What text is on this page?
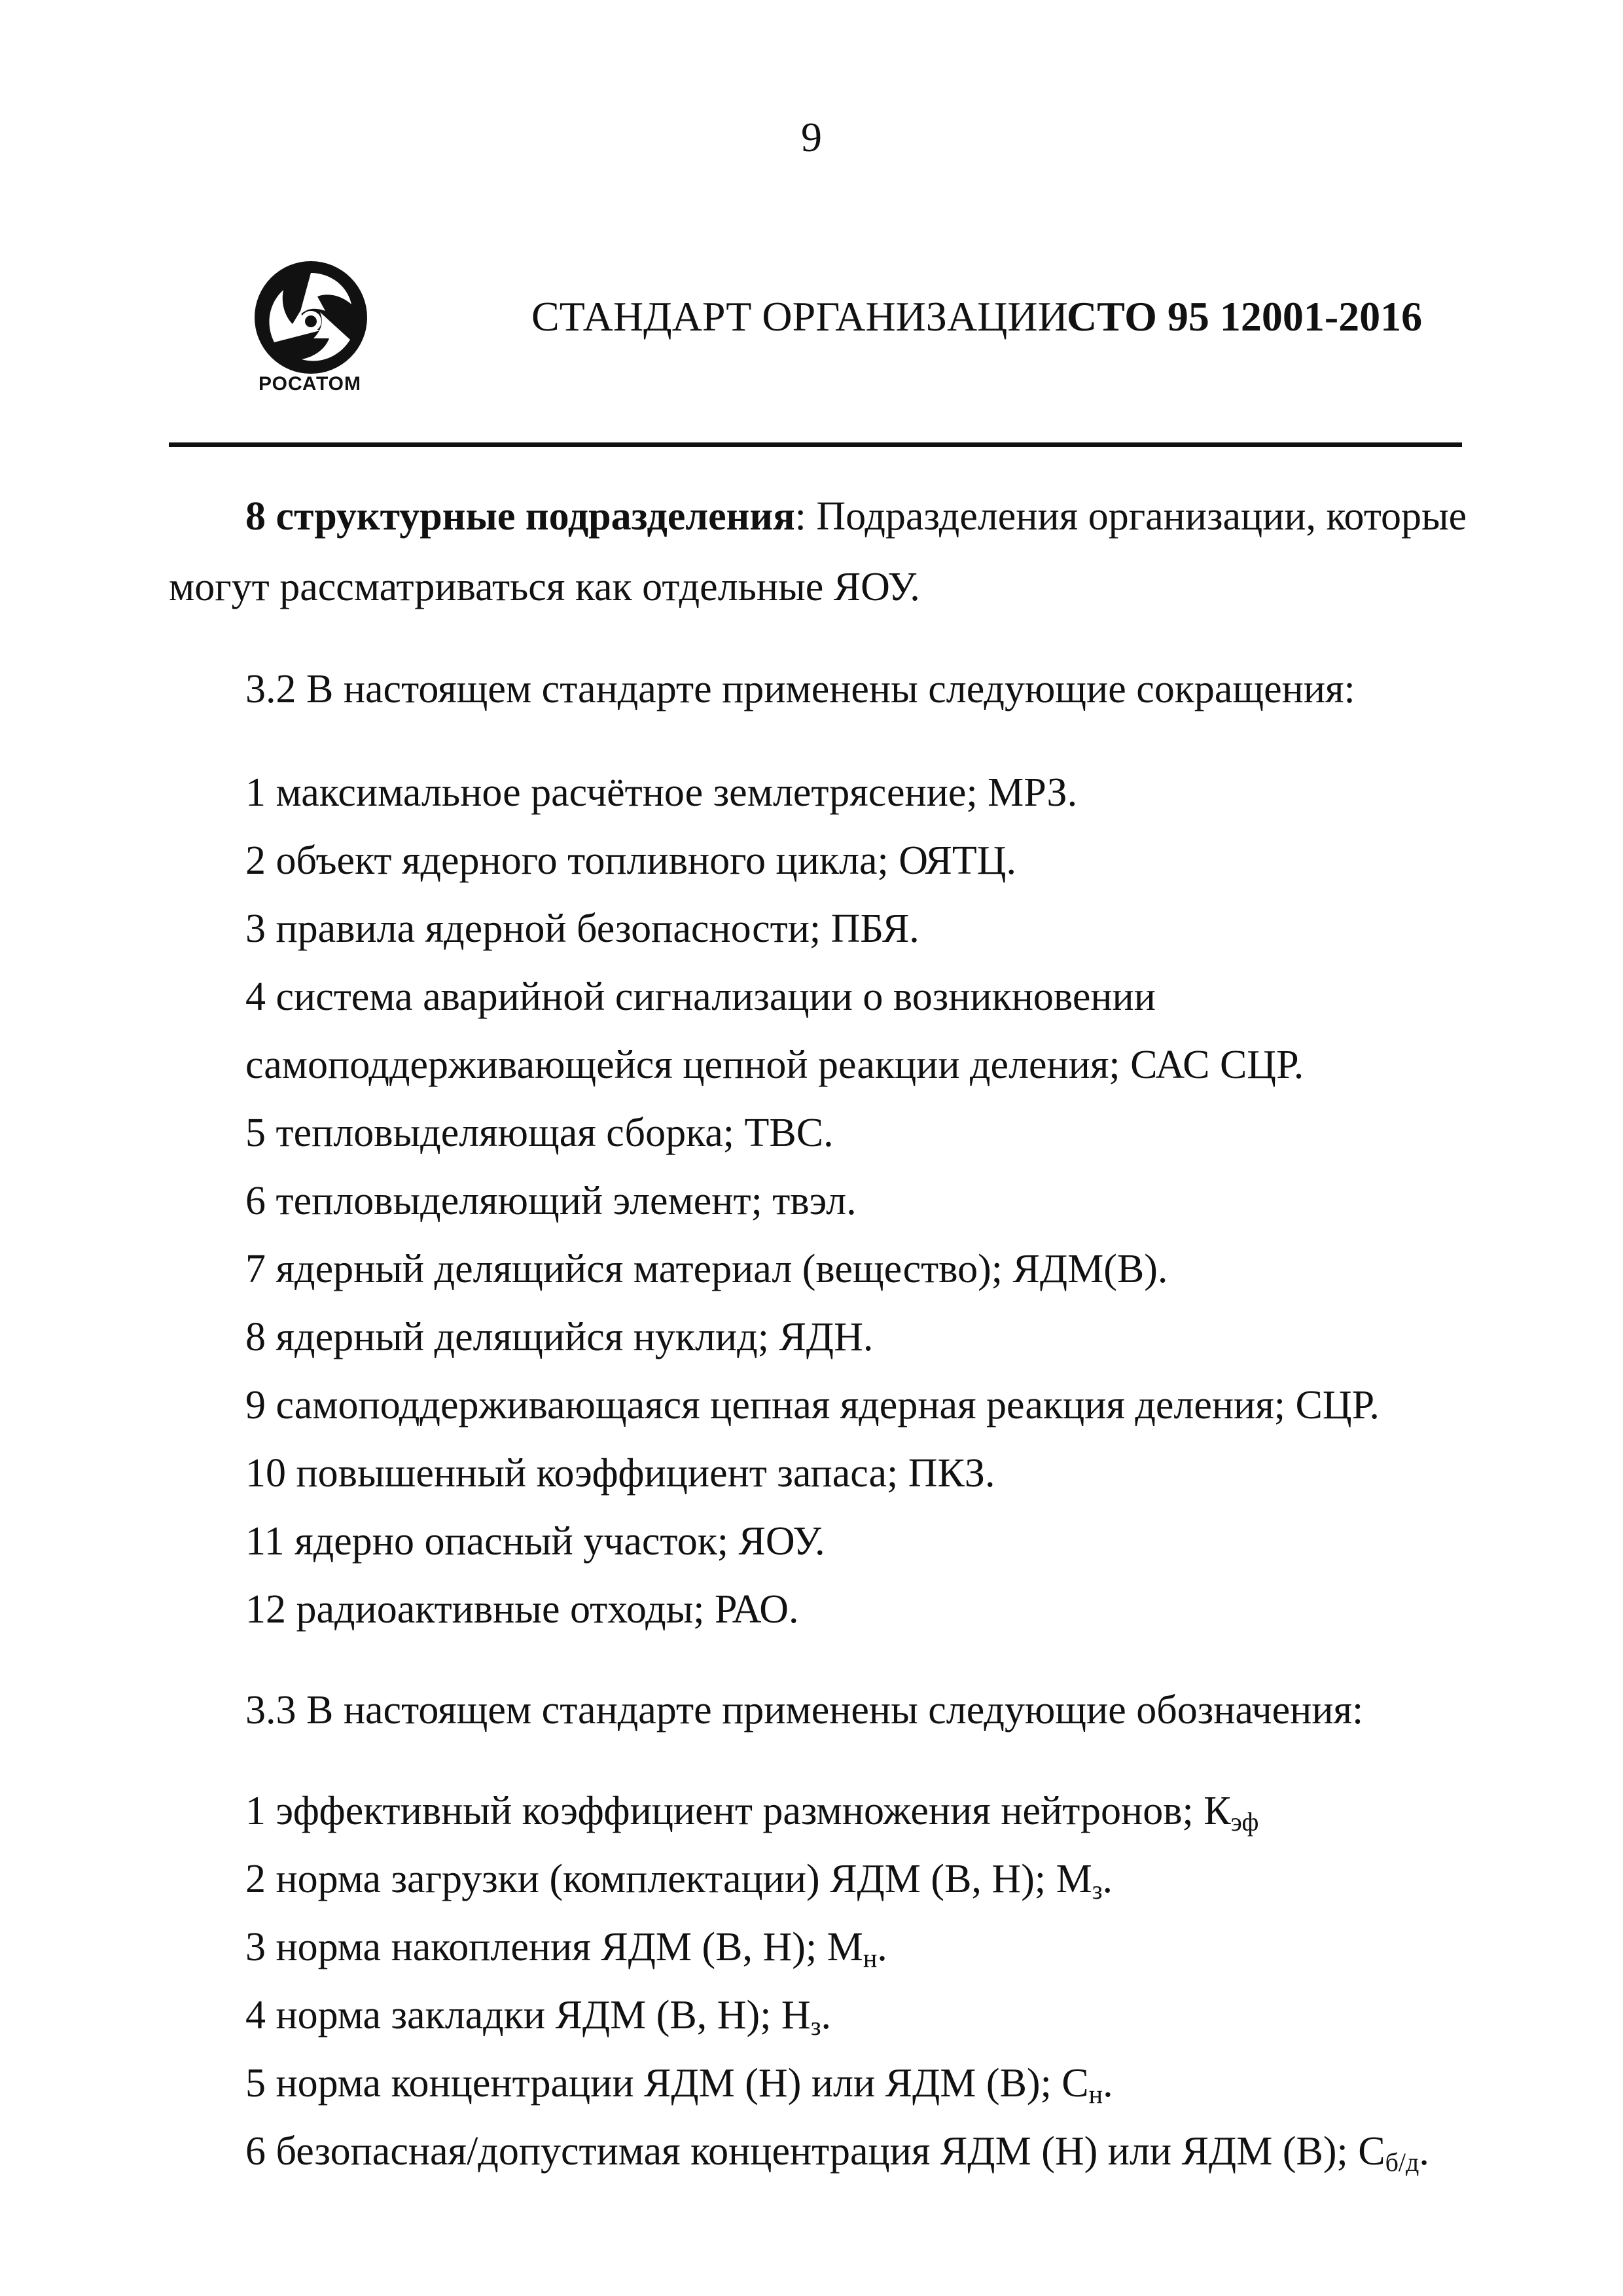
9
РОСАТОМ
СТАНДАРТ ОРГАНИЗАЦИИ
СТО 95 12001-2016
8 структурные подразделения: Подразделения организации, которые
могут рассматриваться как отдельные ЯОУ.
3.2 В настоящем стандарте применены следующие сокращения:
1 максимальное расчётное землетрясение; МРЗ.
2 объект ядерного топливного цикла; ОЯТЦ.
3 правила ядерной безопасности; ПБЯ.
4 система аварийной сигнализации о возникновении
самоподдерживающейся цепной реакции деления; САС СЦР.
5 тепловыделяющая сборка; ТВС.
6 тепловыделяющий элемент; твэл.
7 ядерный делящийся материал (вещество); ЯДМ(В).
8 ядерный делящийся нуклид; ЯДН.
9 самоподдерживающаяся цепная ядерная реакция деления; СЦР.
10 повышенный коэффициент запаса; ПКЗ.
11 ядерно опасный участок; ЯОУ.
12 радиоактивные отходы; РАО.
3.3 В настоящем стандарте применены следующие обозначения:
1 эффективный коэффициент размножения нейтронов; $К_{эф}$
2 норма загрузки (комплектации) ЯДМ (В, Н); $М_з$.
3 норма накопления ЯДМ (В, Н); $М_н$.
4 норма закладки ЯДМ (В, Н); $Н_з$.
5 норма концентрации ЯДМ (Н) или ЯДМ (В); $С_н$.
6 безопасная/допустимая концентрация ЯДМ (Н) или ЯДМ (В); $С_{б/д}$.
